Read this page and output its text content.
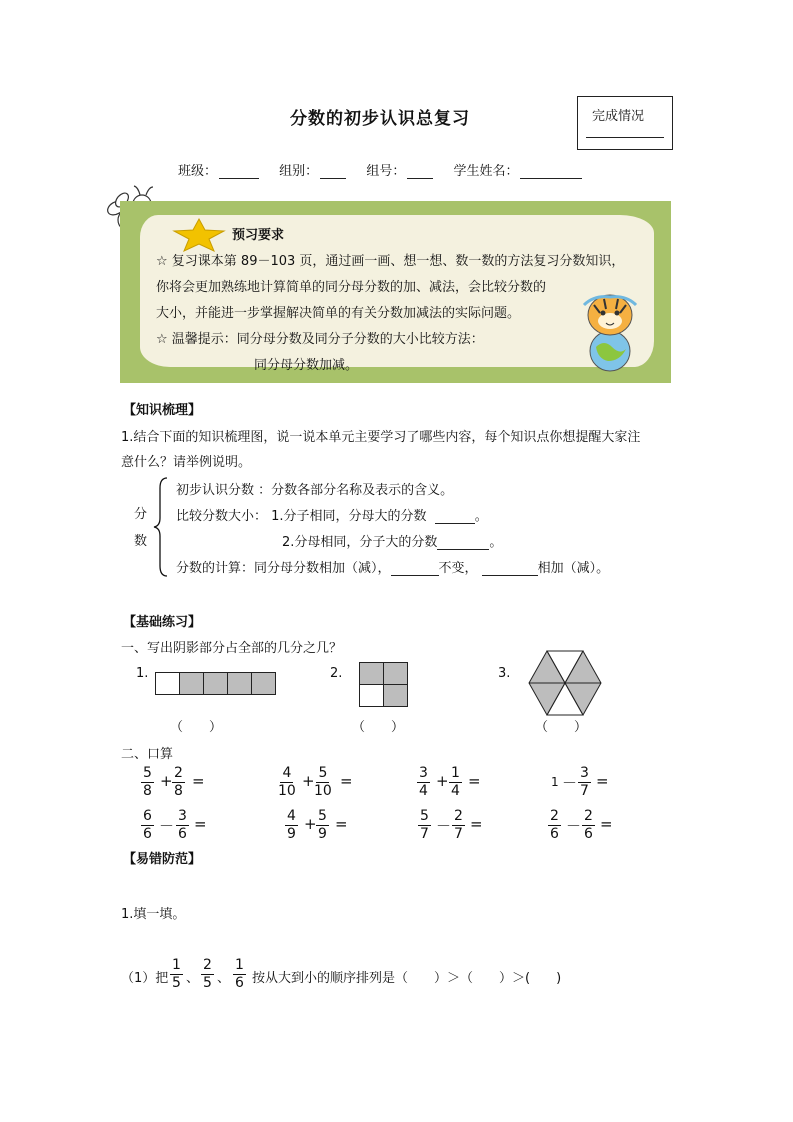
分数的初步认识总复习	完成情况
班级：	组别：	组号：	学生姓名：
预习要求
☆ 复习课本第 89－103 页，通过画一画、想一想、数一数的方法复习分数知识，
你将会更加熟练地计算简单的同分母分数的加、减法，会比较分数的
大小，并能进一步掌握解决简单的有关分数加减法的实际问题。
☆ 温馨提示：同分母分数及同分子分数的大小比较方法：
同分母分数加减。
【知识梳理】
1.结合下面的知识梳理图，说一说本单元主要学习了哪些内容，每个知识点你想提醒大家注
意什么？请举例说明。
分
数
初步认识分数 ：分数各部分名称及表示的含义。
比较分数大小： 1.分子相同，分母大的分数	。
2.分母相同，分子大的分数	。
分数的计算：同分母分数相加（减），	不变，	相加（减）。
【基础练习】
一、写出阴影部分占全部的几分之几？
1.
（　　）
2.
（　　）
3.
（　　）
二、口算
$\frac{5}{8} + \frac{2}{8}$ =	$\frac{4}{10} + \frac{5}{10}$ =	$\frac{3}{4} + \frac{1}{4}$ =	$1 - \frac{3}{7}$ =
$\frac{6}{6} - \frac{3}{6}$ =	$\frac{4}{9} + \frac{5}{9}$ =	$\frac{5}{7} - \frac{2}{7}$ =	$\frac{2}{6} - \frac{2}{6}$ =
【易错防范】
1.填一填。
（1）把 $\frac{1}{5}$ 、 $\frac{2}{5}$ 、 $\frac{1}{6}$ 按从大到小的顺序排列是（　　）＞（　　）＞(　　)
